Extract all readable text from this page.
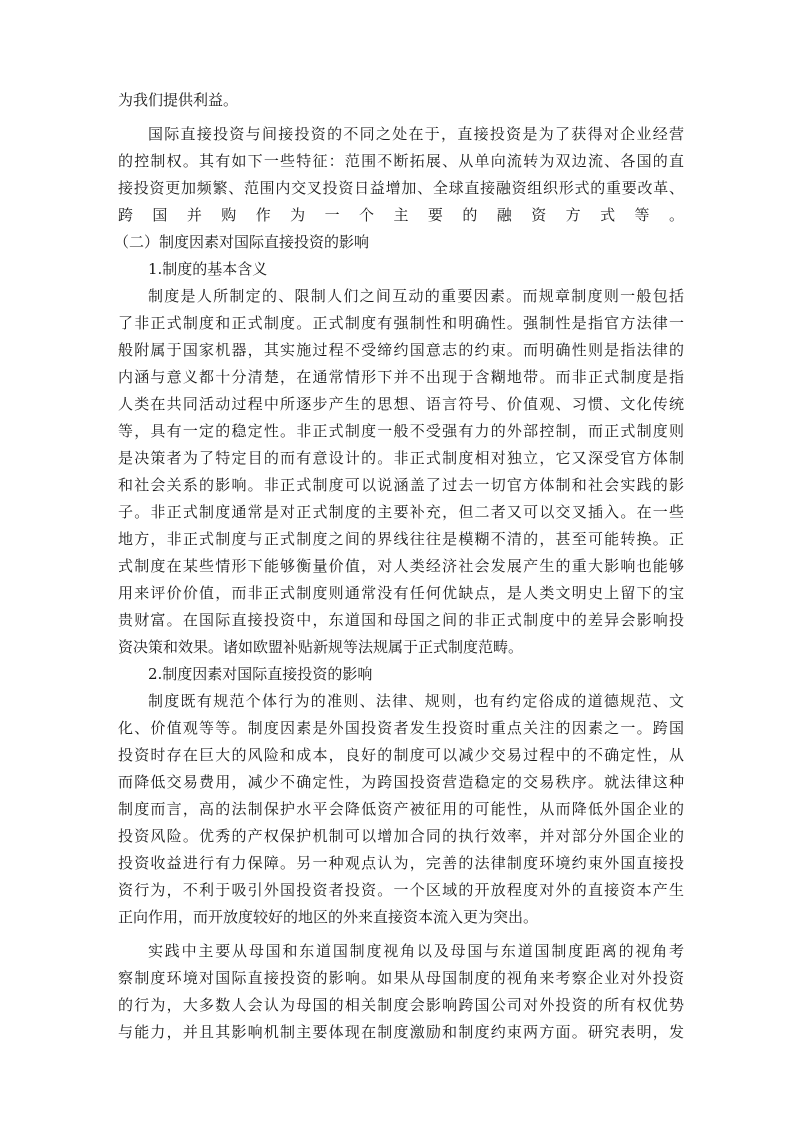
为我们提供利益。
国际直接投资与间接投资的不同之处在于，直接投资是为了获得对企业经营
的控制权。其有如下一些特征：范围不断拓展、从单向流转为双边流、各国的直
接投资更加频繁、范围内交叉投资日益增加、全球直接融资组织形式的重要改革、
跨国并购作为一个主要的融资方式等。
（二）制度因素对国际直接投资的影响
1.制度的基本含义
制度是人所制定的、限制人们之间互动的重要因素。而规章制度则一般包括
了非正式制度和正式制度。正式制度有强制性和明确性。强制性是指官方法律一
般附属于国家机器，其实施过程不受缔约国意志的约束。而明确性则是指法律的
内涵与意义都十分清楚，在通常情形下并不出现于含糊地带。而非正式制度是指
人类在共同活动过程中所逐步产生的思想、语言符号、价值观、习惯、文化传统
等，具有一定的稳定性。非正式制度一般不受强有力的外部控制，而正式制度则
是决策者为了特定目的而有意设计的。非正式制度相对独立，它又深受官方体制
和社会关系的影响。非正式制度可以说涵盖了过去一切官方体制和社会实践的影
子。非正式制度通常是对正式制度的主要补充，但二者又可以交叉插入。在一些
地方，非正式制度与正式制度之间的界线往往是模糊不清的，甚至可能转换。正
式制度在某些情形下能够衡量价值，对人类经济社会发展产生的重大影响也能够
用来评价价值，而非正式制度则通常没有任何优缺点，是人类文明史上留下的宝
贵财富。在国际直接投资中，东道国和母国之间的非正式制度中的差异会影响投
资决策和效果。诸如欧盟补贴新规等法规属于正式制度范畴。
2.制度因素对国际直接投资的影响
制度既有规范个体行为的准则、法律、规则，也有约定俗成的道德规范、文
化、价值观等等。制度因素是外国投资者发生投资时重点关注的因素之一。跨国
投资时存在巨大的风险和成本，良好的制度可以减少交易过程中的不确定性，从
而降低交易费用，减少不确定性，为跨国投资营造稳定的交易秩序。就法律这种
制度而言，高的法制保护水平会降低资产被征用的可能性，从而降低外国企业的
投资风险。优秀的产权保护机制可以增加合同的执行效率，并对部分外国企业的
投资收益进行有力保障。另一种观点认为，完善的法律制度环境约束外国直接投
资行为，不利于吸引外国投资者投资。一个区域的开放程度对外的直接资本产生
正向作用，而开放度较好的地区的外来直接资本流入更为突出。
实践中主要从母国和东道国制度视角以及母国与东道国制度距离的视角考
察制度环境对国际直接投资的影响。如果从母国制度的视角来考察企业对外投资
的行为，大多数人会认为母国的相关制度会影响跨国公司对外投资的所有权优势
与能力，并且其影响机制主要体现在制度激励和制度约束两方面。研究表明，发
